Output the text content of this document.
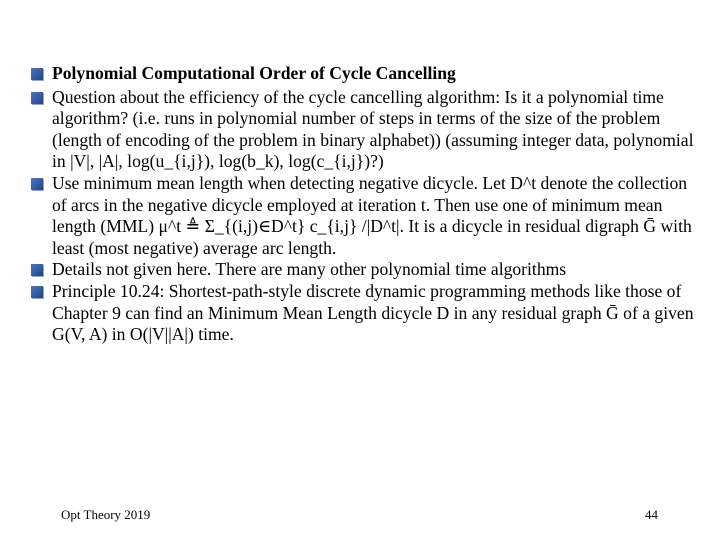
Polynomial Computational Order of Cycle Cancelling
Question about the efficiency of the cycle cancelling algorithm: Is it a polynomial time algorithm? (i.e. runs in polynomial number of steps in terms of the size of the problem (length of encoding of the problem in binary alphabet)) (assuming integer data, polynomial in |V|, |A|, log(u_{i,j}), log(b_k), log(c_{i,j})?)
Use minimum mean length when detecting negative dicycle. Let D^t denote the collection of arcs in the negative dicycle employed at iteration t. Then use one of minimum mean length (MML) μ^t ≜ Σ_{(i,j)∈D^t} c_{i,j} /|D^t|. It is a dicycle in residual digraph Ḡ with least (most negative) average arc length.
Details not given here. There are many other polynomial time algorithms
Principle 10.24: Shortest-path-style discrete dynamic programming methods like those of Chapter 9 can find an Minimum Mean Length dicycle D in any residual graph Ḡ of a given G(V, A) in O(|V||A|) time.
Opt Theory 2019	44
